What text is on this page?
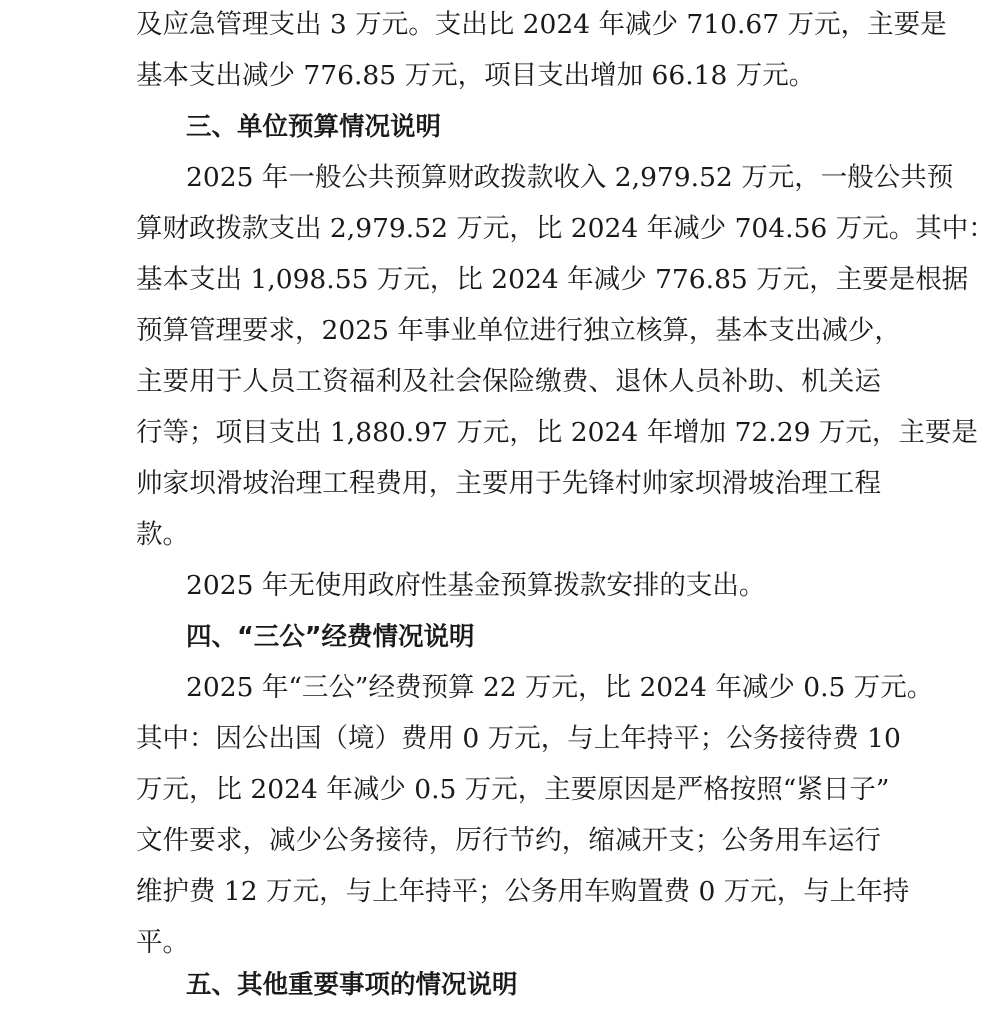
及应急管理支出 3 万元。支出比 2024 年减少 710.67 万元，主要是
基本支出减少 776.85 万元，项目支出增加 66.18 万元。
三、单位预算情况说明
2025 年一般公共预算财政拨款收入 2,979.52 万元，一般公共预
算财政拨款支出 2,979.52 万元，比 2024 年减少 704.56 万元。其中：
基本支出 1,098.55 万元，比 2024 年减少 776.85 万元，主要是根据
预算管理要求，2025 年事业单位进行独立核算，基本支出减少，
主要用于人员工资福利及社会保险缴费、退休人员补助、机关运
行等；项目支出 1,880.97 万元，比 2024 年增加 72.29 万元，主要是
帅家坝滑坡治理工程费用，主要用于先锋村帅家坝滑坡治理工程
款。
2025 年无使用政府性基金预算拨款安排的支出。
四、“三公”经费情况说明
2025 年“三公”经费预算 22 万元，比 2024 年减少 0.5 万元。
其中：因公出国（境）费用 0 万元，与上年持平；公务接待费 10
万元，比 2024 年减少 0.5 万元，主要原因是严格按照“紧日子”
文件要求，减少公务接待，厉行节约，缩减开支；公务用车运行
维护费 12 万元，与上年持平；公务用车购置费 0 万元，与上年持
平。
五、其他重要事项的情况说明
